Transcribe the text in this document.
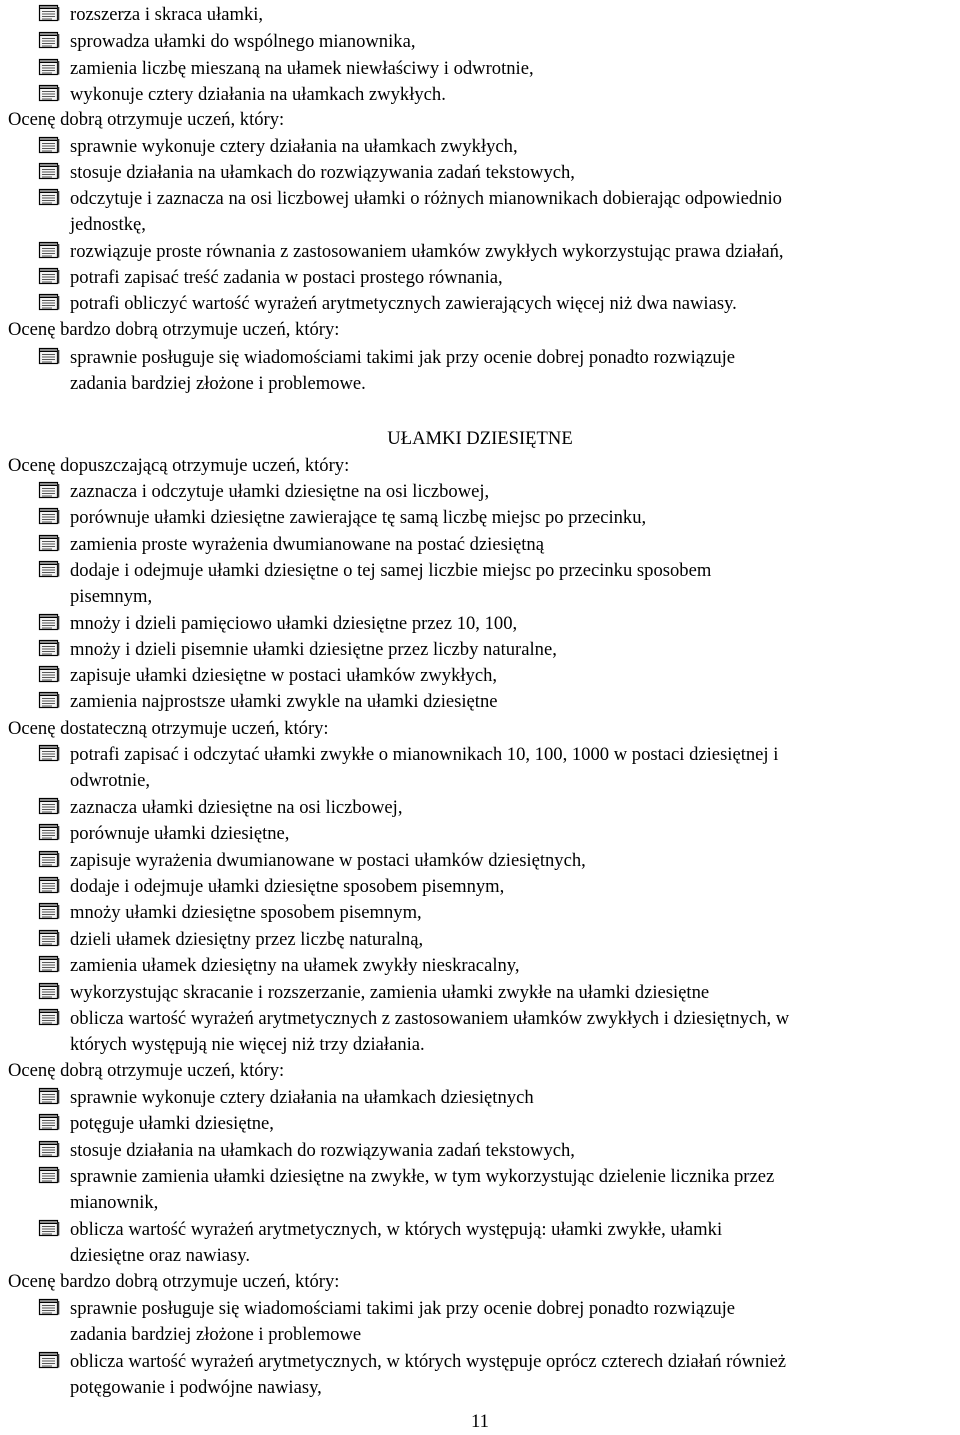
rozszerza i skraca ułamki,
sprowadza ułamki do wspólnego mianownika,
zamienia liczbę mieszaną na ułamek niewłaściwy i odwrotnie,
wykonuje cztery działania na ułamkach zwykłych.
Ocenę dobrą otrzymuje uczeń, który:
sprawnie wykonuje cztery działania na ułamkach zwykłych,
stosuje działania na ułamkach do rozwiązywania zadań tekstowych,
odczytuje i zaznacza na osi liczbowej ułamki o różnych mianownikach dobierając odpowiednio
jednostkę,
rozwiązuje proste równania z zastosowaniem ułamków zwykłych wykorzystując prawa działań,
potrafi zapisać treść zadania w postaci prostego równania,
potrafi obliczyć wartość wyrażeń arytmetycznych zawierających więcej niż dwa nawiasy.
Ocenę bardzo dobrą otrzymuje uczeń, który:
sprawnie posługuje się wiadomościami takimi jak przy ocenie dobrej ponadto rozwiązuje
zadania bardziej złożone i problemowe.
UŁAMKI DZIESIĘTNE
Ocenę dopuszczającą otrzymuje uczeń, który:
zaznacza i odczytuje ułamki dziesiętne na osi liczbowej,
porównuje ułamki dziesiętne zawierające tę samą liczbę miejsc po przecinku,
zamienia proste wyrażenia dwumianowane na postać dziesiętną
dodaje i odejmuje ułamki dziesiętne o tej samej liczbie miejsc po przecinku sposobem
pisemnym,
mnoży i dzieli pamięciowo ułamki dziesiętne przez 10, 100,
mnoży i dzieli pisemnie ułamki dziesiętne przez liczby naturalne,
zapisuje ułamki dziesiętne w postaci ułamków zwykłych,
zamienia najprostsze ułamki zwykle na ułamki dziesiętne
Ocenę dostateczną otrzymuje uczeń, który:
potrafi zapisać i odczytać ułamki zwykłe o mianownikach 10, 100, 1000 w postaci dziesiętnej i
odwrotnie,
zaznacza ułamki dziesiętne na osi liczbowej,
porównuje ułamki dziesiętne,
zapisuje wyrażenia dwumianowane w postaci ułamków dziesiętnych,
dodaje i odejmuje ułamki dziesiętne sposobem pisemnym,
mnoży ułamki dziesiętne sposobem pisemnym,
dzieli ułamek dziesiętny przez liczbę naturalną,
zamienia ułamek dziesiętny na ułamek zwykły nieskracalny,
wykorzystując skracanie i rozszerzanie, zamienia ułamki zwykłe na ułamki dziesiętne
oblicza wartość wyrażeń arytmetycznych z zastosowaniem ułamków zwykłych i dziesiętnych, w
których występują nie więcej niż trzy działania.
Ocenę dobrą otrzymuje uczeń, który:
sprawnie wykonuje cztery działania na ułamkach dziesiętnych
potęguje ułamki dziesiętne,
stosuje działania na ułamkach do rozwiązywania zadań tekstowych,
sprawnie zamienia ułamki dziesiętne na zwykłe, w tym wykorzystując dzielenie licznika przez
mianownik,
oblicza wartość wyrażeń arytmetycznych, w których występują: ułamki zwykłe, ułamki
dziesiętne oraz nawiasy.
Ocenę bardzo dobrą otrzymuje uczeń, który:
sprawnie posługuje się wiadomościami takimi jak przy ocenie dobrej ponadto rozwiązuje
zadania bardziej złożone i problemowe
oblicza wartość wyrażeń arytmetycznych, w których występuje oprócz czterech działań również
potęgowanie i podwójne nawiasy,
11
